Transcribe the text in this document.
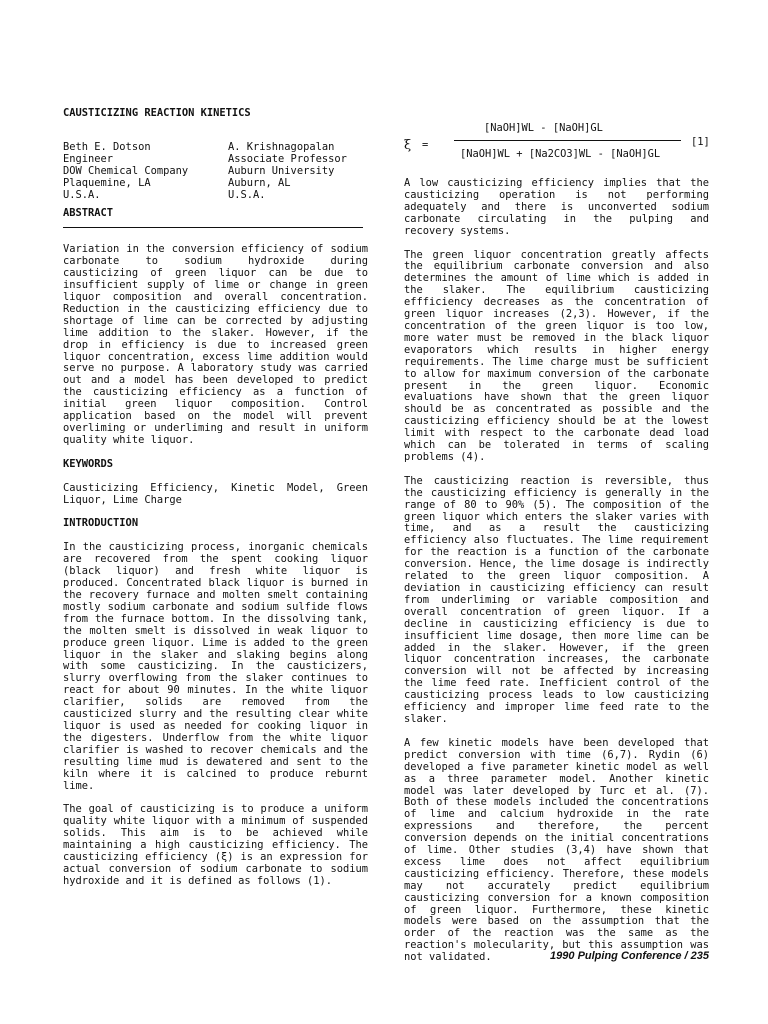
CAUSTICIZING REACTION KINETICS
Beth E. Dotson
Engineer
DOW Chemical Company
Plaquemine, LA
U.S.A.
A. Krishnagopalan
Associate Professor
Auburn University
Auburn, AL
U.S.A.
ABSTRACT

Variation in the conversion efficiency of sodium carbonate to sodium hydroxide during causticizing of green liquor can be due to insufficient supply of lime or change in green liquor composition and overall concentration. Reduction in the causticizing efficiency due to shortage of lime can be corrected by adjusting lime addition to the slaker. However, if the drop in efficiency is due to increased green liquor concentration, excess lime addition would serve no purpose. A laboratory study was carried out and a model has been developed to predict the causticizing efficiency as a function of initial green liquor composition. Control application based on the model will prevent overliming or underliming and result in uniform quality white liquor.

KEYWORDS

Causticizing Efficiency, Kinetic Model, Green Liquor, Lime Charge

INTRODUCTION

In the causticizing process, inorganic chemicals are recovered from the spent cooking liquor (black liquor) and fresh white liquor is produced. Concentrated black liquor is burned in the recovery furnace and molten smelt containing mostly sodium carbonate and sodium sulfide flows from the furnace bottom. In the dissolving tank, the molten smelt is dissolved in weak liquor to produce green liquor. Lime is added to the green liquor in the slaker and slaking begins along with some causticizing. In the causticizers, slurry overflowing from the slaker continues to react for about 90 minutes. In the white liquor clarifier, solids are removed from the causticized slurry and the resulting clear white liquor is used as needed for cooking liquor in the digesters. Underflow from the white liquor clarifier is washed to recover chemicals and the resulting lime mud is dewatered and sent to the kiln where it is calcined to produce reburnt lime.

The goal of causticizing is to produce a uniform quality white liquor with a minimum of suspended solids. This aim is to be achieved while maintaining a high causticizing efficiency. The causticizing efficiency (ξ) is an expression for actual conversion of sodium carbonate to sodium hydroxide and it is defined as follows (1).

ξ =
[NaOH]WL - [NaOH]GL
[NaOH]WL + [Na2CO3]WL - [NaOH]GL
[1]

A low causticizing efficiency implies that the causticizing operation is not performing adequately and there is unconverted sodium carbonate circulating in the pulping and recovery systems.

The green liquor concentration greatly affects the equilibrium carbonate conversion and also determines the amount of lime which is added in the slaker. The equilibrium causticizing effficiency decreases as the concentration of green liquor increases (2,3). However, if the concentration of the green liquor is too low, more water must be removed in the black liquor evaporators which results in higher energy requirements. The lime charge must be sufficient to allow for maximum conversion of the carbonate present in the green liquor. Economic evaluations have shown that the green liquor should be as concentrated as possible and the causticizing efficiency should be at the lowest limit with respect to the carbonate dead load which can be tolerated in terms of scaling problems (4).

The causticizing reaction is reversible, thus the causticizing efficiency is generally in the range of 80 to 90% (5). The composition of the green liquor which enters the slaker varies with time, and as a result the causticizing efficiency also fluctuates. The lime requirement for the reaction is a function of the carbonate conversion. Hence, the lime dosage is indirectly related to the green liquor composition. A deviation in causticizing efficiency can result from underliming or variable composition and overall concentration of green liquor. If a decline in causticizing efficiency is due to insufficient lime dosage, then more lime can be added in the slaker. However, if the green liquor concentration increases, the carbonate conversion will not be affected by increasing the lime feed rate. Inefficient control of the causticizing process leads to low causticizing efficiency and improper lime feed rate to the slaker.

A few kinetic models have been developed that predict conversion with time (6,7). Rydin (6) developed a five parameter kinetic model as well as a three parameter model. Another kinetic model was later developed by Turc et al. (7). Both of these models included the concentrations of lime and calcium hydroxide in the rate expressions and therefore, the percent conversion depends on the initial concentrations of lime. Other studies (3,4) have shown that excess lime does not affect equilibrium causticizing efficiency. Therefore, these models may not accurately predict equilibrium causticizing conversion for a known composition of green liquor. Furthermore, these kinetic models were based on the assumption that the order of the reaction was the same as the reaction's molecularity, but this assumption was not validated.	1990 Pulping Conference / 235
